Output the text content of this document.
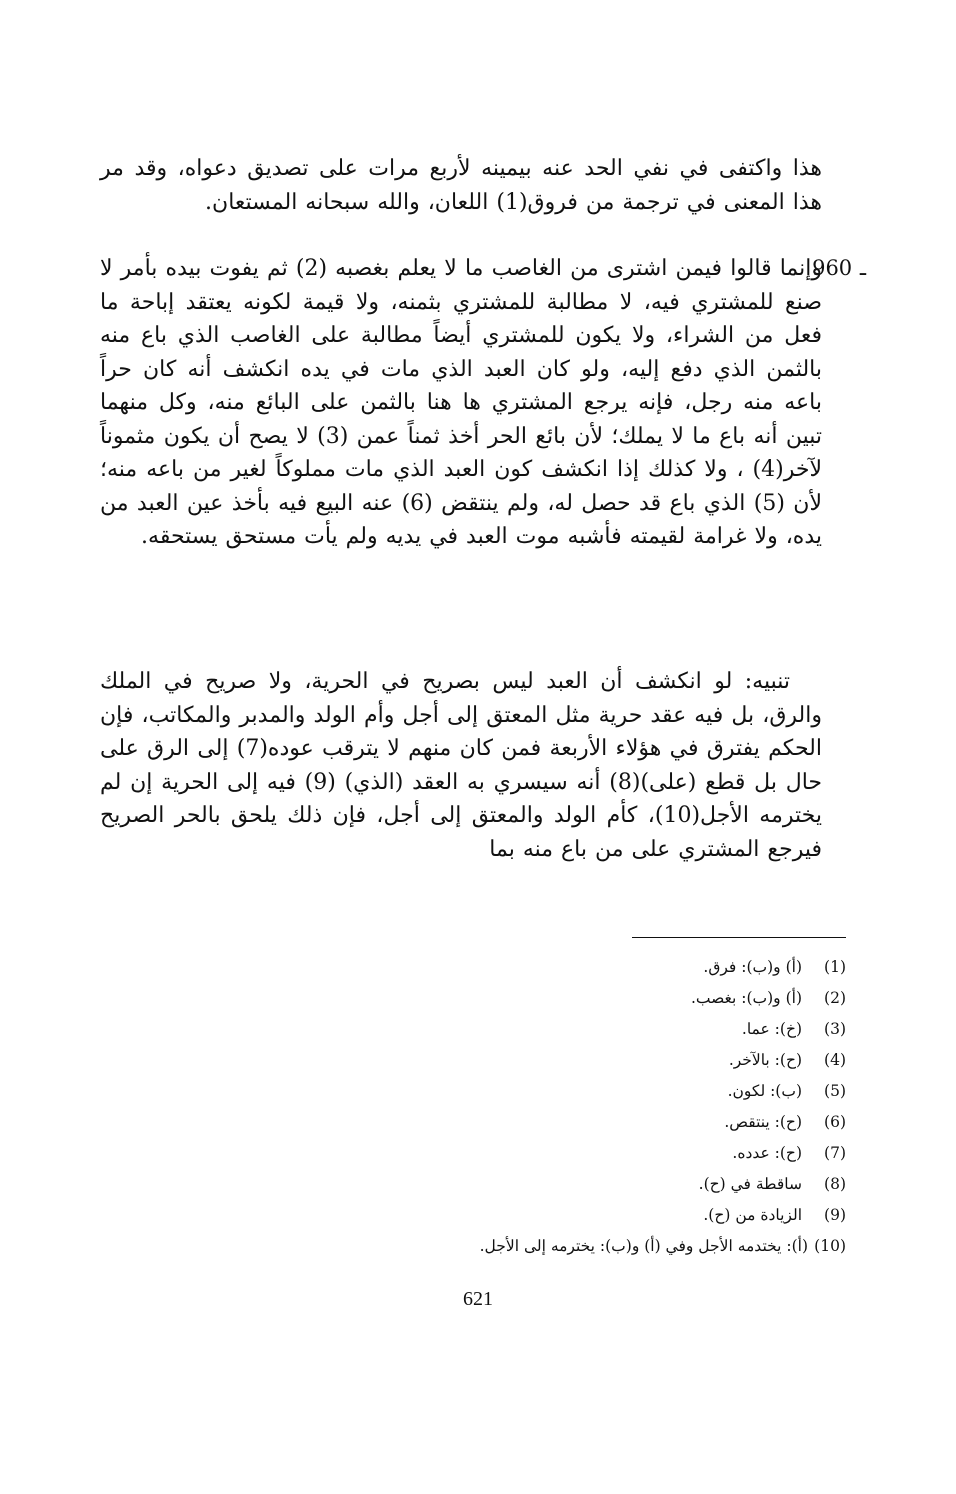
هذا واكتفى في نفي الحد عنه بيمينه لأربع مرات على تصديق دعواه، وقد مر هذا المعنى في ترجمة من فروق(1) اللعان، والله سبحانه المستعان.

960 ـ

وإنما قالوا فيمن اشترى من الغاصب ما لا يعلم بغصبه (2) ثم يفوت بيده بأمر لا صنع للمشتري فيه، لا مطالبة للمشتري بثمنه، ولا قيمة لكونه يعتقد إباحة ما فعل من الشراء، ولا يكون للمشتري أيضاً مطالبة على الغاصب الذي باع منه بالثمن الذي دفع إليه، ولو كان العبد الذي مات في يده انكشف أنه كان حراً باعه منه رجل، فإنه يرجع المشتري ها هنا بالثمن على البائع منه، وكل منهما تبين أنه باع ما لا يملك؛ لأن بائع الحر أخذ ثمناً عمن (3) لا يصح أن يكون مثموناً لآخر(4) ، ولا كذلك إذا انكشف كون العبد الذي مات مملوكاً لغير من باعه منه؛ لأن (5) الذي باع قد حصل له، ولم ينتقض (6) عنه البيع فيه بأخذ عين العبد من يده، ولا غرامة لقيمته فأشبه موت العبد في يديه ولم يأت مستحق يستحقه.

تنبيه: لو انكشف أن العبد ليس بصريح في الحرية، ولا صريح في الملك والرق، بل فيه عقد حرية مثل المعتق إلى أجل وأم الولد والمدبر والمكاتب، فإن الحكم يفترق في هؤلاء الأربعة فمن كان منهم لا يترقب عوده(7) إلى الرق على حال بل قطع (على)(8) أنه سيسري به العقد (الذي) (9) فيه إلى الحرية إن لم يخترمه الأجل(10)، كأم الولد والمعتق إلى أجل، فإن ذلك يلحق بالحر الصريح فيرجع المشتري على من باع منه بما

(1)
(أ) و(ب): فرق.
(2)
(أ) و(ب): بغصب.
(3)
(خ): عما.
(4)
(ح): بالآخر.
(5)
(ب): لكون.
(6)
(ح): ينتقص.
(7)
(ح): عدده.
(8)
ساقطة في (ح).
(9)
الزيادة من (ح).
(10)
(أ): يختدمه الأجل وفي (أ) و(ب): يخترمه إلى الأجل.
621
